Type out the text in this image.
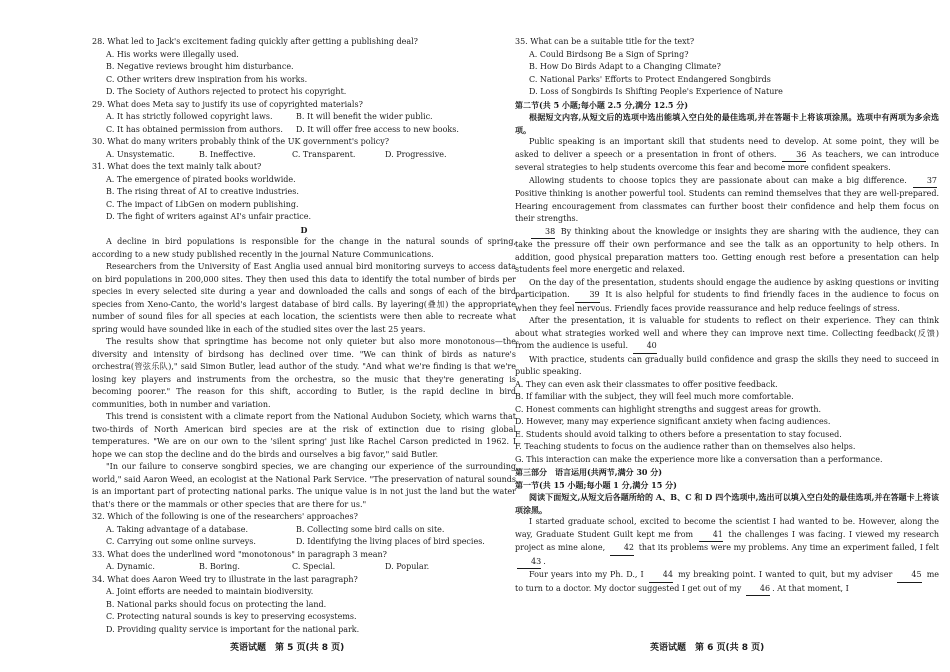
28. What led to Jack's excitement fading quickly after getting a publishing deal?

A. His works were illegally used.

B. Negative reviews brought him disturbance.

C. Other writers drew inspiration from his works.

D. The Society of Authors rejected to protect his copyright.

29. What does Meta say to justify its use of copyrighted materials?

A. It has strictly followed copyright laws.	B. It will benefit the wider public.
C. It has obtained permission from authors.	D. It will offer free access to new books.

30. What do many writers probably think of the UK government's policy?

A. Unsystematic.	B. Ineffective.	C. Transparent.	D. Progressive.

31. What does the text mainly talk about?

A. The emergence of pirated books worldwide.

B. The rising threat of AI to creative industries.

C. The impact of LibGen on modern publishing.

D. The fight of writers against AI's unfair practice.

D

A decline in bird populations is responsible for the change in the natural sounds of spring, according to a new study published recently in the journal Nature Communications.

Researchers from the University of East Anglia used annual bird monitoring surveys to access data on bird populations in 200,000 sites. They then used this data to identify the total number of birds per species in every selected site during a year and downloaded the calls and songs of each of the bird species from Xeno-Canto, the world's largest database of bird calls. By layering(叠加) the appropriate number of sound files for all species at each location, the scientists were then able to recreate what spring would have sounded like in each of the studied sites over the last 25 years.

The results show that springtime has become not only quieter but also more monotonous—the diversity and intensity of birdsong has declined over time. "We can think of birds as nature's orchestra(管弦乐队)," said Simon Butler, lead author of the study. "And what we're finding is that we're losing key players and instruments from the orchestra, so the music that they're generating is becoming poorer." The reason for this shift, according to Butler, is the rapid decline in bird communities, both in number and variation.

This trend is consistent with a climate report from the National Audubon Society, which warns that two-thirds of North American bird species are at the risk of extinction due to rising global temperatures. "We are on our own to the 'silent spring' just like Rachel Carson predicted in 1962. I hope we can stop the decline and do the birds and ourselves a big favor," said Butler.

"In our failure to conserve songbird species, we are changing our experience of the surrounding world," said Aaron Weed, an ecologist at the National Park Service. "The preservation of natural sounds is an important part of protecting national parks. The unique value is in not just the land but the water that's there or the mammals or other species that are there for us."

32. Which of the following is one of the researchers' approaches?

A. Taking advantage of a database.	B. Collecting some bird calls on site.
C. Carrying out some online surveys.	D. Identifying the living places of bird species.

33. What does the underlined word "monotonous" in paragraph 3 mean?

A. Dynamic.	B. Boring.	C. Special.	D. Popular.

34. What does Aaron Weed try to illustrate in the last paragraph?

A. Joint efforts are needed to maintain biodiversity.

B. National parks should focus on protecting the land.

C. Protecting natural sounds is key to preserving ecosystems.

D. Providing quality service is important for the national park.

35. What can be a suitable title for the text?

A. Could Birdsong Be a Sign of Spring?

B. How Do Birds Adapt to a Changing Climate?

C. National Parks' Efforts to Protect Endangered Songbirds

D. Loss of Songbirds Is Shifting People's Experience of Nature

第二节(共 5 小题;每小题 2.5 分,满分 12.5 分)

根据短文内容,从短文后的选项中选出能填入空白处的最佳选项,并在答题卡上将该项涂黑。选项中有两项为多余选项。

Public speaking is an important skill that students need to develop. At some point, they will be asked to deliver a speech or a presentation in front of others. 36 As teachers, we can introduce several strategies to help students overcome this fear and become more confident speakers.

Allowing students to choose topics they are passionate about can make a big difference.	37 Positive thinking is another powerful tool. Students can remind themselves that they are well-prepared. Hearing encouragement from classmates can further boost their confidence and help them focus on their strengths.

38 By thinking about the knowledge or insights they are sharing with the audience, they can take the pressure off their own performance and see the talk as an opportunity to help others. In addition, good physical preparation matters too. Getting enough rest before a presentation can help students feel more energetic and relaxed.

On the day of the presentation, students should engage the audience by asking questions or inviting participation. 39 It is also helpful for students to find friendly faces in the audience to focus on when they feel nervous. Friendly faces provide reassurance and help reduce feelings of stress.

After the presentation, it is valuable for students to reflect on their experience. They can think about what strategies worked well and where they can improve next time. Collecting feedback(反馈) from the audience is useful. 40

With practice, students can gradually build confidence and grasp the skills they need to succeed in public speaking.

A. They can even ask their classmates to offer positive feedback.

B. If familiar with the subject, they will feel much more comfortable.

C. Honest comments can highlight strengths and suggest areas for growth.

D. However, many may experience significant anxiety when facing audiences.

E. Students should avoid talking to others before a presentation to stay focused.

F. Teaching students to focus on the audience rather than on themselves also helps.

G. This interaction can make the experience more like a conversation than a performance.

第三部分　语言运用(共两节,满分 30 分)

第一节(共 15 小题;每小题 1 分,满分 15 分)

阅读下面短文,从短文后各题所给的 A、B、C 和 D 四个选项中,选出可以填入空白处的最佳选项,并在答题卡上将该项涂黑。

I started graduate school, excited to become the scientist I had wanted to be. However, along the way, Graduate Student Guilt kept me from 41 the challenges I was facing. I viewed my research project as mine alone, 42 that its problems were my problems. Any time an experiment failed, I felt 43 .

Four years into my Ph. D., I 44 my breaking point. I wanted to quit, but my adviser 45 me to turn to a doctor. My doctor suggested I get out of my 46 . At that moment, I

英语试题　第 5 页(共 8 页)	英语试题　第 6 页(共 8 页)
